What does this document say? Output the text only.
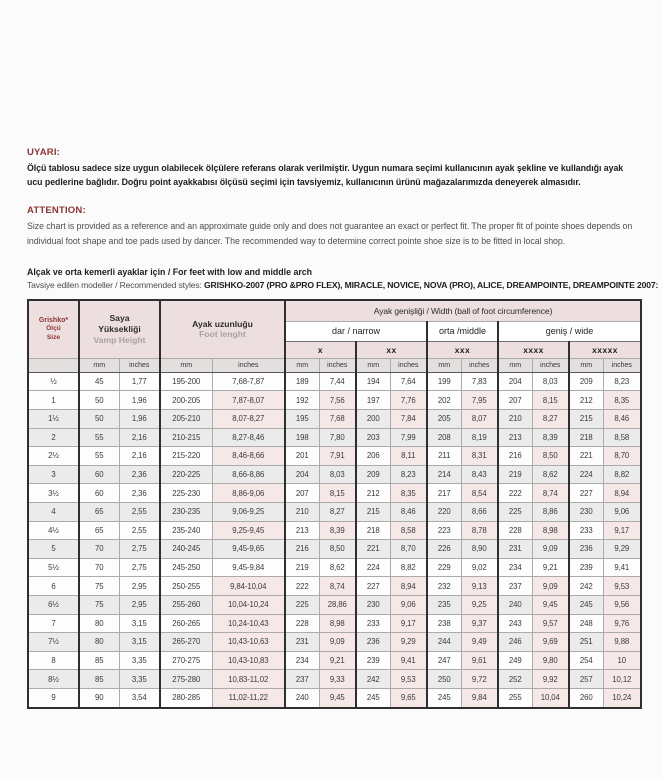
UYARI:

Ölçü tablosu sadece size uygun olabilecek ölçülere referans olarak verilmiştir. Uygun numara seçimi kullanıcının ayak şekline ve kullandığı ayak ucu pedlerine bağlıdır. Doğru point ayakkabısı ölçüsü seçimi için tavsiyemiz, kullanıcının ürünü mağazalarımızda deneyerek almasıdır.

ATTENTION:

Size chart is provided as a reference and an approximate guide only and does not guarantee an exact or perfect fit. The proper fit of pointe shoes depends on individual foot shape and toe pads used by dancer. The recommended way to determine correct pointe shoe size is to be fitted in local shop.

Alçak ve orta kemerli ayaklar için / For feet with low and middle arch

Tavsiye edilen modeller / Recommended styles: GRISHKO-2007 (PRO &PRO FLEX), MIRACLE, NOVICE, NOVA (PRO), ALICE, DREAMPOINTE, DREAMPOINTE 2007:

Grishko*
Ölçü
Size	Saya Yüksekliği
Vamp Height		Ayak uzunluğu
Foot lenght		Ayak genişliği / Width (ball of foot circumference)									
					dar / narrow				orta /middle		geniş / wide			
					x		xx		xxx		xxxx		xxxxx	
	mm	inches	mm	inches	mm	inches	mm	inches	mm	inches	mm	inches	mm	inches
½	45	1,77	195-200	7,68-7,87	189	7,44	194	7,64	199	7,83	204	8,03	209	8,23
1	50	1,96	200-205	7,87-8,07	192	7,56	197	7,76	202	7,95	207	8,15	212	8,35
1½	50	1,96	205-210	8,07-8,27	195	7,68	200	7,84	205	8,07	210	8,27	215	8,46
2	55	2,16	210-215	8,27-8,46	198	7,80	203	7,99	208	8,19	213	8,39	218	8,58
2½	55	2,16	215-220	8,46-8,66	201	7,91	206	8,11	211	8,31	216	8,50	221	8,70
3	60	2,36	220-225	8,66-8,86	204	8,03	209	8,23	214	8,43	219	8,62	224	8,82
3½	60	2,36	225-230	8,86-9,06	207	8,15	212	8,35	217	8,54	222	8,74	227	8,94
4	65	2,55	230-235	9,06-9,25	210	8,27	215	8,46	220	8,66	225	8,86	230	9,06
4½	65	2,55	235-240	9,25-9,45	213	8,39	218	8,58	223	8,78	228	8,98	233	9,17
5	70	2,75	240-245	9,45-9,65	216	8,50	221	8,70	226	8,90	231	9,09	236	9,29
5½	70	2,75	245-250	9,45-9,84	219	8,62	224	8,82	229	9,02	234	9,21	239	9,41
6	75	2,95	250-255	9,84-10,04	222	8,74	227	8,94	232	9,13	237	9,09	242	9,53
6½	75	2,95	255-260	10,04-10,24	225	28,86	230	9,06	235	9,25	240	9,45	245	9,56
7	80	3,15	260-265	10,24-10,43	228	8,98	233	9,17	238	9,37	243	9,57	248	9,76
7½	80	3,15	265-270	10,43-10,63	231	9,09	236	9,29	244	9,49	246	9,69	251	9,88
8	85	3,35	270-275	10,43-10,83	234	9,21	239	9,41	247	9,61	249	9,80	254	10
8½	85	3,35	275-280	10,83-11,02	237	9,33	242	9,53	250	9,72	252	9,92	257	10,12
9	90	3,54	280-285	11,02-11,22	240	9,45	245	9,65	245	9,84	255	10,04	260	10,24
